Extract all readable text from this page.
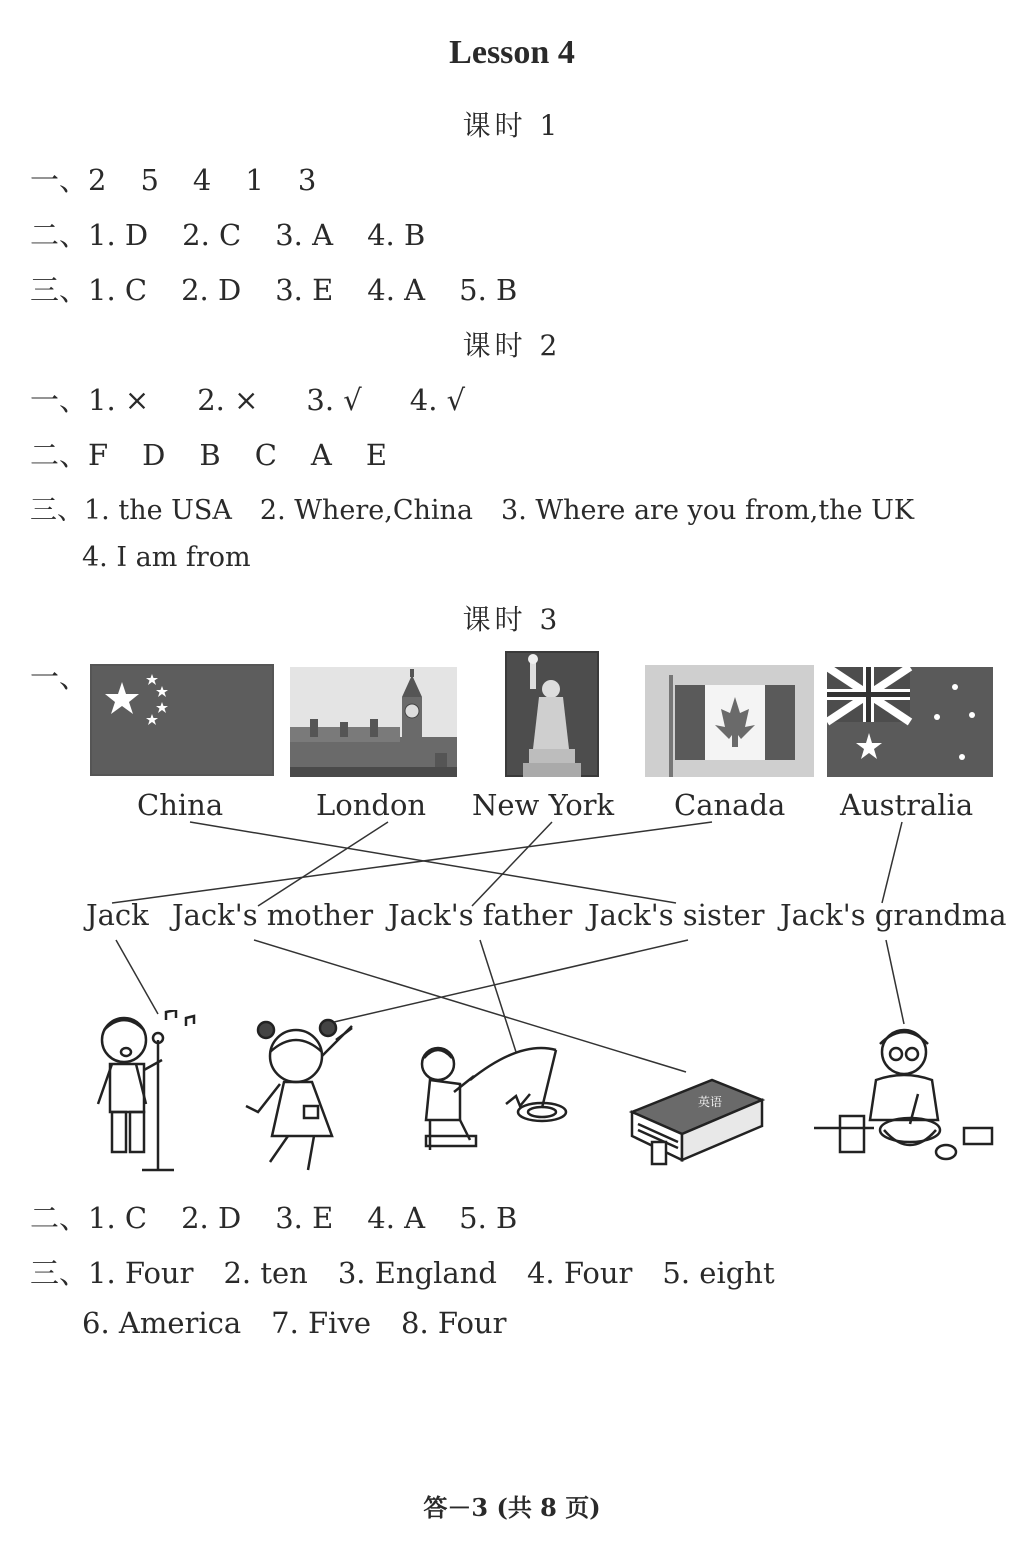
Lesson 4
课时 1
一、2 5 4 1 3
二、1. D 2. C 3. A 4. B
三、1. C 2. D 3. E 4. A 5. B
课时 2
一、1. × 2. × 3. √ 4. √
二、F D B C A E
三、1. the USA 2. Where,China 3. Where are you from,the UK
4. I am from
课时 3
一、
China	London New York Canada Australia
Jack Jack's mother Jack's father Jack's sister Jack's grandma
英语
二、1. C 2. D 3. E 4. A 5. B
三、1. Four 2. ten 3. England 4. Four 5. eight
6. America 7. Five 8. Four
答－3 (共 8 页)
